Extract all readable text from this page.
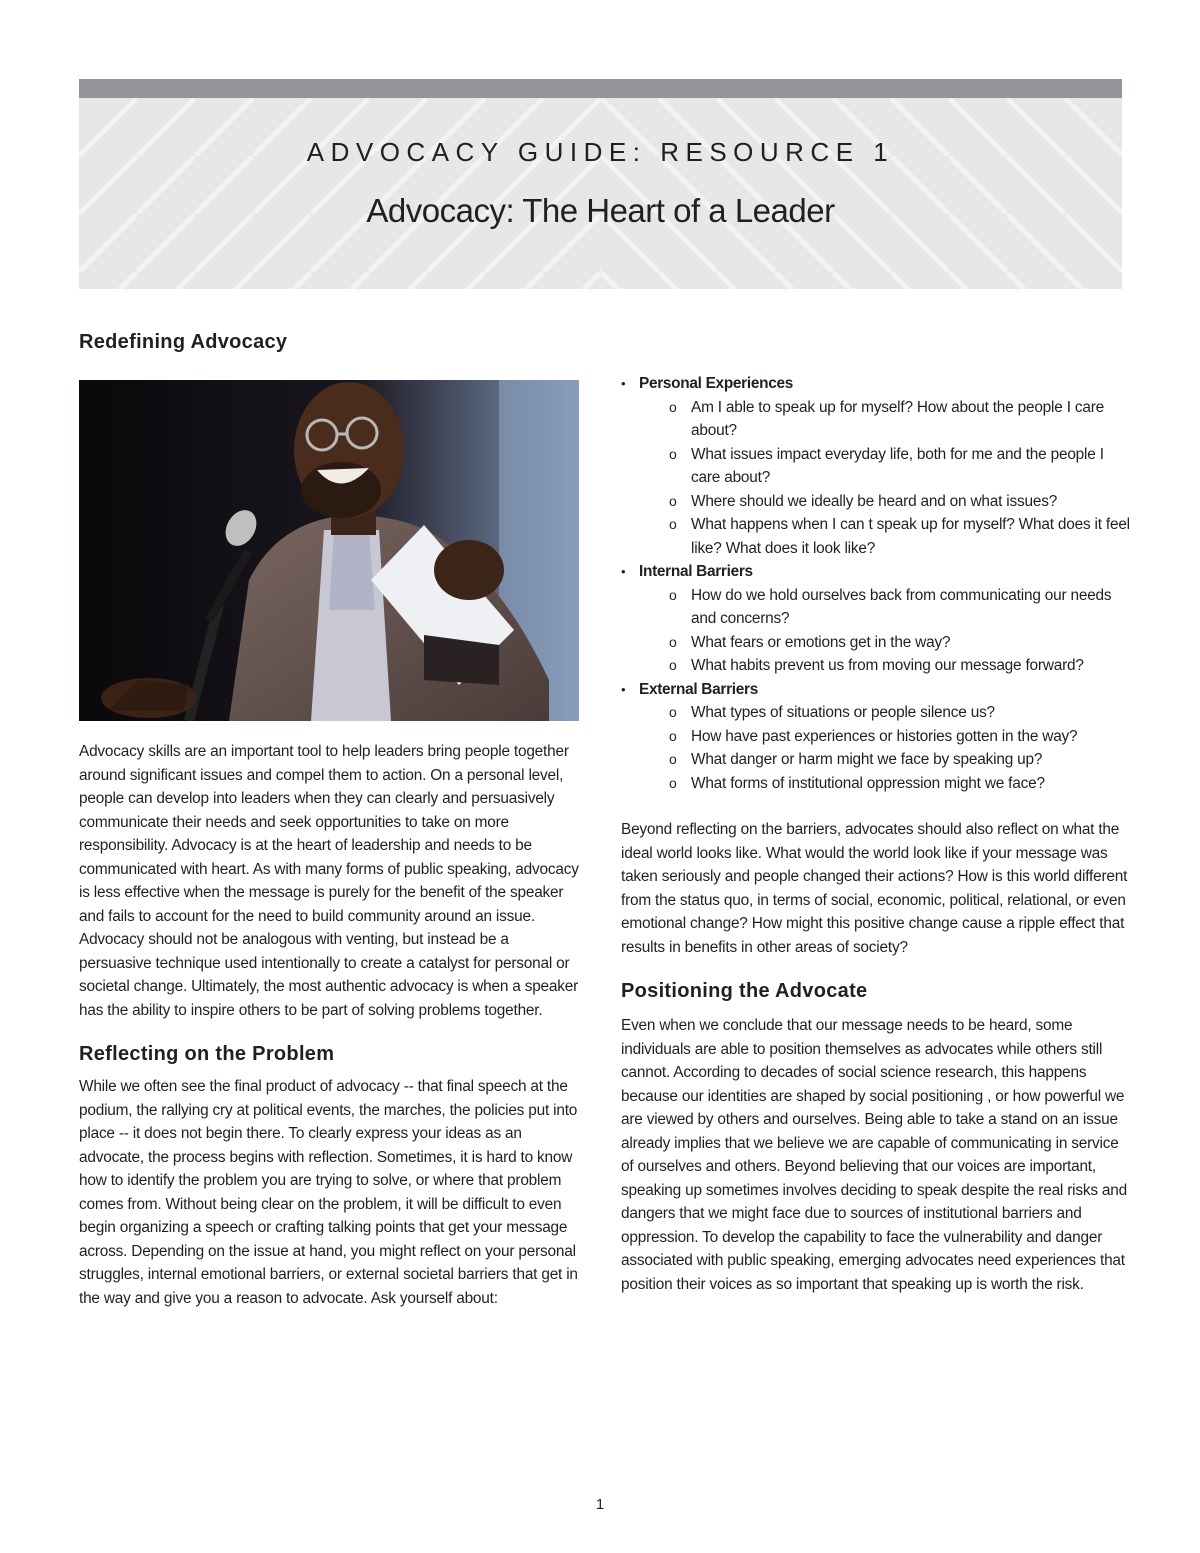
ADVOCACY GUIDE: RESOURCE 1
Advocacy: The Heart of a Leader
Redefining Advocacy

Advocacy skills are an important tool to help leaders bring people together around significant issues and compel them to action. On a personal level, people can develop into leaders when they can clearly and persuasively communicate their needs and seek opportunities to take on more responsibility. Advocacy is at the heart of leadership and needs to be communicated with heart. As with many forms of public speaking, advocacy is less effective when the message is purely for the benefit of the speaker and fails to account for the need to build community around an issue. Advocacy should not be analogous with venting, but instead be a persuasive technique used intentionally to create a catalyst for personal or societal change. Ultimately, the most authentic advocacy is when a speaker has the ability to inspire others to be part of solving problems together.

Reflecting on the Problem

While we often see the final product of advocacy -- that final speech at the podium, the rallying cry at political events, the marches, the policies put into place -- it does not begin there. To clearly express your ideas as an advocate, the process begins with reflection. Sometimes, it is hard to know how to identify the problem you are trying to solve, or where that problem comes from. Without being clear on the problem, it will be difficult to even begin organizing a speech or crafting talking points that get your message across. Depending on the issue at hand, you might reflect on your personal struggles, internal emotional barriers, or external societal barriers that get in the way and give you a reason to advocate. Ask yourself about:

• Personal Experiences
o Am I able to speak up for myself? How about the people I care about?
o What issues impact everyday life, both for me and the people I care about?
o Where should we ideally be heard and on what issues?
o What happens when I can t speak up for myself? What does it feel like? What does it look like?
• Internal Barriers
o How do we hold ourselves back from communicating our needs and concerns?
o What fears or emotions get in the way?
o What habits prevent us from moving our message forward?
• External Barriers
o What types of situations or people silence us?
o How have past experiences or histories gotten in the way?
o What danger or harm might we face by speaking up?
o What forms of institutional oppression might we face?

Beyond reflecting on the barriers, advocates should also reflect on what the ideal world looks like. What would the world look like if your message was taken seriously and people changed their actions? How is this world different from the status quo, in terms of social, economic, political, relational, or even emotional change? How might this positive change cause a ripple effect that results in benefits in other areas of society?

Positioning the Advocate

Even when we conclude that our message needs to be heard, some individuals are able to position themselves as advocates while others still cannot. According to decades of social science research, this happens because our identities are shaped by social positioning , or how powerful we are viewed by others and ourselves. Being able to take a stand on an issue already implies that we believe we are capable of communicating in service of ourselves and others. Beyond believing that our voices are important, speaking up sometimes involves deciding to speak despite the real risks and dangers that we might face due to sources of institutional barriers and oppression. To develop the capability to face the vulnerability and danger associated with public speaking, emerging advocates need experiences that position their voices as so important that speaking up is worth the risk.

1
